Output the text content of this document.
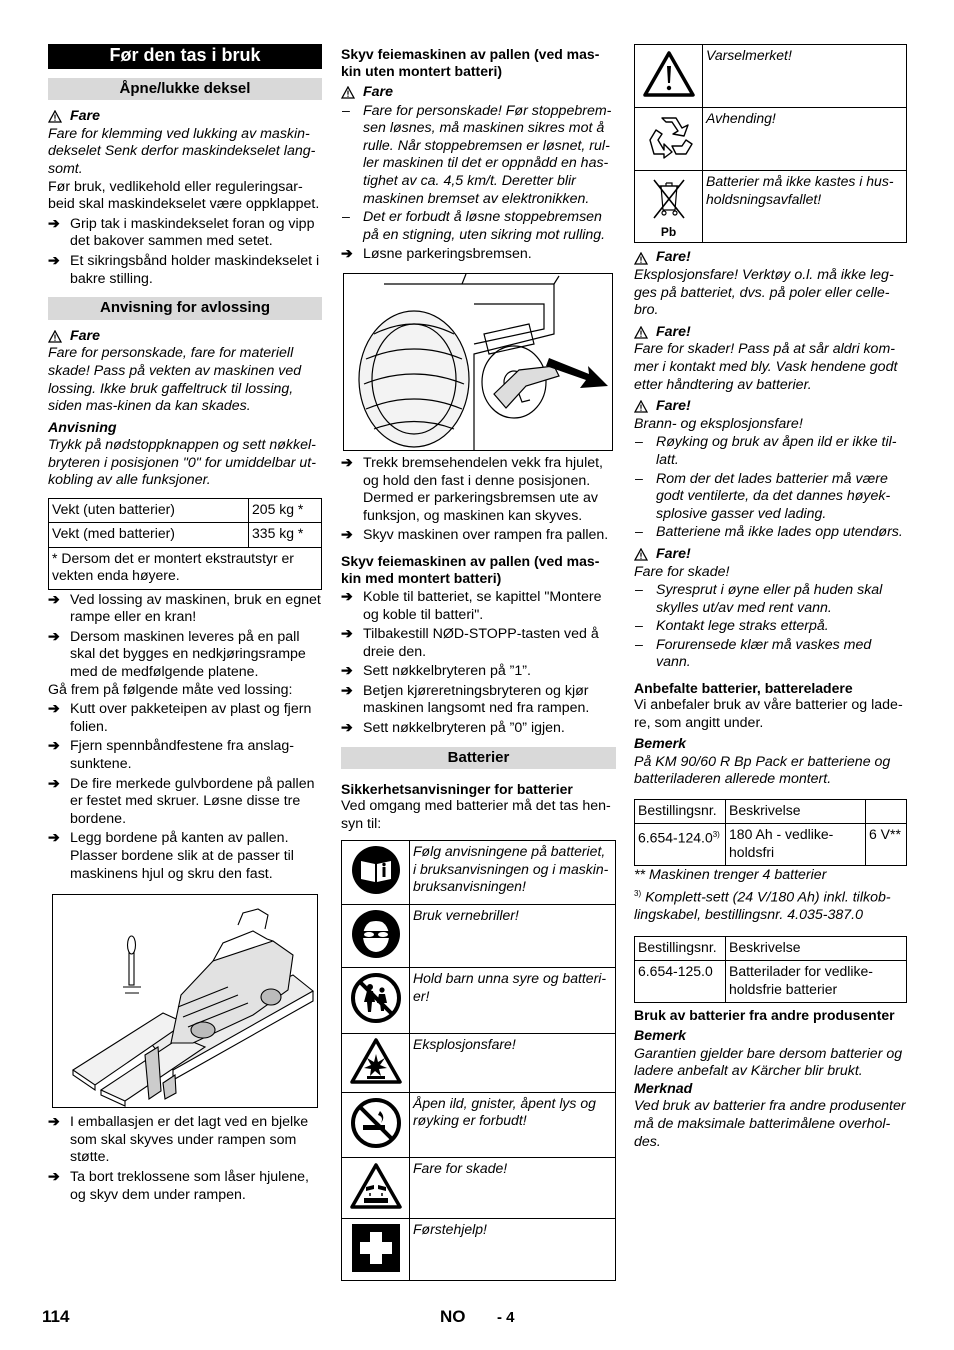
Før den tas i bruk
Åpne/lukke deksel
Fare

Fare for klemming ved lukking av maskin-dekselet Senk derfor maskindekselet lang-somt.

Før bruk, vedlikehold eller reguleringsar-beid skal maskindekselet være oppklappet.

➔ Grip tak i maskindekselet foran og vipp det bakover sammen med setet.
➔ Et sikringsbånd holder maskindekselet i bakre stilling.
Anvisning for avlossing
Fare

Fare for personskade, fare for materiell skade! Pass på vekten av maskinen ved lossing. Ikke bruk gaffeltruck til lossing, siden mas-kinen da kan skades.

Anvisning

Trykk på nødstoppknappen og sett nøkkel-bryteren i posisjonen "0" for umiddelbar ut-kobling av alle funksjoner.

Vekt (uten batterier)	205 kg *
Vekt (med batterier)	335 kg *
* Dersom det er montert ekstrautstyr er vekten enda høyere.	
➔ Ved lossing av maskinen, bruk en egnet rampe eller en kran!
➔ Dersom maskinen leveres på en pall skal det bygges en nedkjøringsrampe med de medfølgende platene.

Gå frem på følgende måte ved lossing:

➔ Kutt over pakketeipen av plast og fjern folien.
➔ Fjern spennbåndfestene fra anslag-sunktene.
➔ De fire merkede gulvbordene på pallen er festet med skruer. Løsne disse tre bordene.
➔ Legg bordene på kanten av pallen. Plasser bordene slik at de passer til maskinens hjul og skru den fast.
➔ I emballasjen er det lagt ved en bjelke som skal skyves under rampen som støtte.
➔ Ta bort treklossene som låser hjulene, og skyv dem under rampen.

Skyv feiemaskinen av pallen (ved mas-kin uten montert batteri)

Fare
– Fare for personskade! Før stoppebrem-sen løsnes, må maskinen sikres mot å rulle. Når stoppebremsen er løsnet, rul-ler maskinen til det er oppnådd en has-tighet av ca. 4,5 km/t. Deretter blir maskinen bremset av elektronikken.
– Det er forbudt å løsne stoppebremsen på en stigning, uten sikring mot rulling.
➔ Løsne parkeringsbremsen.
➔ Trekk bremsehendelen vekk fra hjulet, og hold den fast i denne posisjonen.

Dermed er parkeringsbremsen ute av funksjon, og maskinen kan skyves.

➔ Skyv maskinen over rampen fra pallen.

Skyv feiemaskinen av pallen (ved mas-kin med montert batteri)

➔ Koble til batteriet, se kapittel "Montere og koble til batteri".
➔ Tilbakestill NØD-STOPP-tasten ved å dreie den.
➔ Sett nøkkelbryteren på ”1”.
➔ Betjen kjøreretningsbryteren og kjør maskinen langsomt ned fra rampen.
➔ Sett nøkkelbryteren på ”0” igjen.
Batterier

Sikkerhetsanvisninger for batterier

Ved omgang med batterier må det tas hen-syn til:

	Følg anvisningene på batteriet, i bruksanvisningen og i maskin-bruksanvisningen!
	Bruk vernebriller!
	Hold barn unna syre og batteri-er!
	Eksplosjonsfare!
	Åpen ild, gnister, åpent lys og røyking er forbudt!
	Fare for skade!
	Førstehjelp!
	Varselmerket!
	Avhending!

Pb	Batterier må ikke kastes i hus-holdsningsavfallet!
Fare!

Eksplosjonsfare! Verktøy o.l. må ikke leg-ges på batteriet, dvs. på poler eller celle-bro.

Fare!

Fare for skader! Pass på at sår aldri kom-mer i kontakt med bly. Vask hendene godt etter håndtering av batterier.

Fare!

Brann- og eksplosjonsfare!

– Røyking og bruk av åpen ild er ikke til-latt.
– Rom der det lades batterier må være godt ventilerte, da det dannes høyek-splosive gasser ved lading.
– Batteriene må ikke lades opp utendørs.
Fare!

Fare for skade!

– Syresprut i øyne eller på huden skal skylles ut/av med rent vann.
– Kontakt lege straks etterpå.
– Forurensede klær må vaskes med vann.

Anbefalte batterier, battereladere

Vi anbefaler bruk av våre batterier og lade-re, som angitt under.

Bemerk

På KM 90/60 R Bp Pack er batteriene og batteriladeren allerede montert.

Bestillingsnr.	Beskrivelse	
6.654-124.0$^{3)}$	180 Ah - vedlike-holdsfri	6 V**

** Maskinen trenger 4 batterier

$^{3)}$ Komplett-sett (24 V/180 Ah) inkl. tilkob-lingskabel, bestillingsnr. 4.035-387.0

Bestillingsnr.	Beskrivelse
6.654-125.0	Batterilader for vedlike-holdsfrie batterier

Bruk av batterier fra andre produsenter

Bemerk

Garantien gjelder bare dersom batterier og ladere anbefalt av Kärcher blir brukt.

Merknad

Ved bruk av batterier fra andre produsenter må de maksimale batterimålene overhol-des.

114	NO - 4
